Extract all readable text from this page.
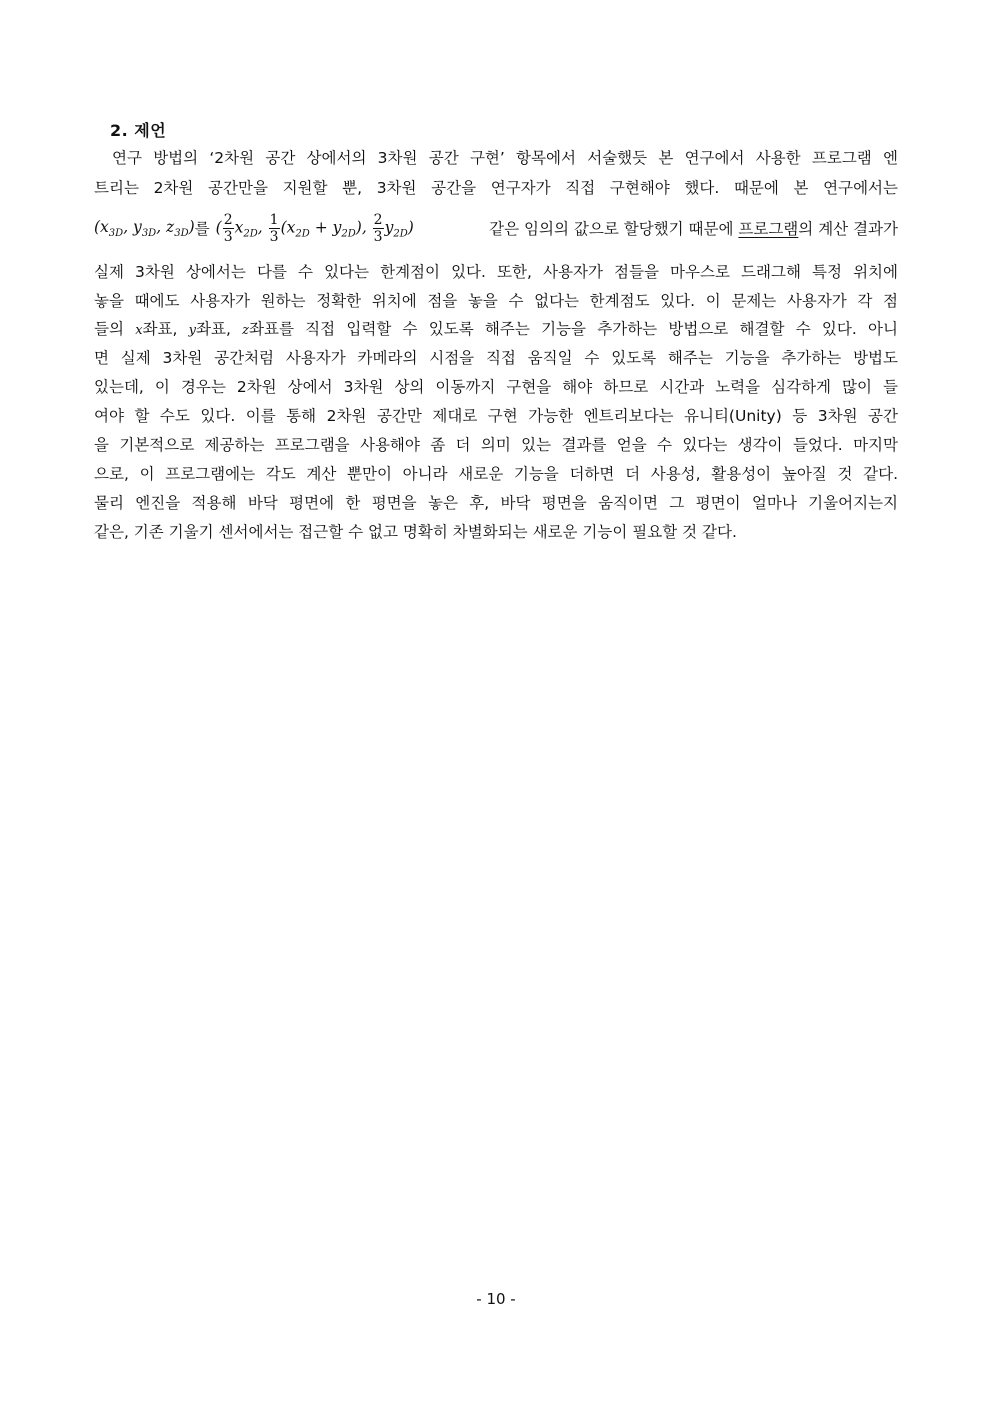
2. 제언
연구 방법의 ‘2차원 공간 상에서의 3차원 공간 구현’ 항목에서 서술했듯 본 연구에서 사용한 프로그램 엔
트리는 2차원 공간만을 지원할 뿐, 3차원 공간을 연구자가 직접 구현해야 했다. 때문에 본 연구에서는
($x_{3D}$, $y_{3D}$, $z_{3D}$) 를 ( $\frac{2}{3} x_{2D}$, $\frac{1}{3} (x_{2D} + y_{2D})$, $\frac{2}{3} y_{2D}$)	같은 임의의 값으로 할당했기 때문에 프로그램의 계산 결과가
실제 3차원 상에서는 다를 수 있다는 한계점이 있다. 또한, 사용자가 점들을 마우스로 드래그해 특정 위치에
놓을 때에도 사용자가 원하는 정확한 위치에 점을 놓을 수 없다는 한계점도 있다. 이 문제는 사용자가 각 점
들의 x좌표, y좌표, z좌표를 직접 입력할 수 있도록 해주는 기능을 추가하는 방법으로 해결할 수 있다. 아니
면 실제 3차원 공간처럼 사용자가 카메라의 시점을 직접 움직일 수 있도록 해주는 기능을 추가하는 방법도
있는데, 이 경우는 2차원 상에서 3차원 상의 이동까지 구현을 해야 하므로 시간과 노력을 심각하게 많이 들
여야 할 수도 있다. 이를 통해 2차원 공간만 제대로 구현 가능한 엔트리보다는 유니티(Unity) 등 3차원 공간
을 기본적으로 제공하는 프로그램을 사용해야 좀 더 의미 있는 결과를 얻을 수 있다는 생각이 들었다. 마지막
으로, 이 프로그램에는 각도 계산 뿐만이 아니라 새로운 기능을 더하면 더 사용성, 활용성이 높아질 것 같다.
물리 엔진을 적용해 바닥 평면에 한 평면을 놓은 후, 바닥 평면을 움직이면 그 평면이 얼마나 기울어지는지
같은, 기존 기울기 센서에서는 접근할 수 없고 명확히 차별화되는 새로운 기능이 필요할 것 같다.
- 10 -
